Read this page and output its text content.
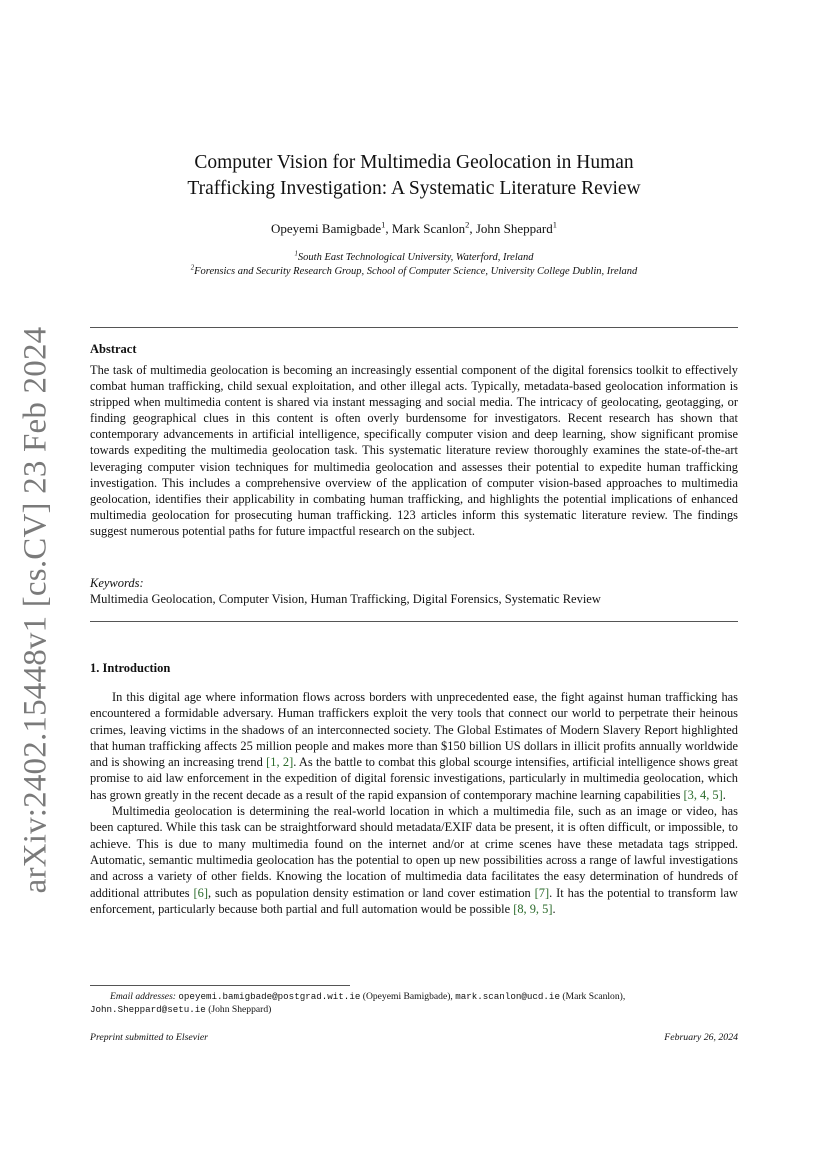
arXiv:2402.15448v1 [cs.CV] 23 Feb 2024
Computer Vision for Multimedia Geolocation in Human
Trafficking Investigation: A Systematic Literature Review
Opeyemi Bamigbade$^1$, Mark Scanlon$^2$, John Sheppard$^1$
$^1$South East Technological University, Waterford, Ireland
$^2$Forensics and Security Research Group, School of Computer Science, University College Dublin, Ireland
Abstract
The task of multimedia geolocation is becoming an increasingly essential component of the digital forensics toolkit to effectively combat human trafficking, child sexual exploitation, and other illegal acts. Typically, metadata-based geolocation information is stripped when multimedia content is shared via instant messaging and social media. The intricacy of geolocating, geotagging, or finding geographical clues in this content is often overly burdensome for investigators. Recent research has shown that contemporary advancements in artificial intelligence, specifically computer vision and deep learning, show significant promise towards expediting the multimedia geolocation task. This systematic literature review thoroughly examines the state-of-the-art leveraging computer vision techniques for multimedia geolocation and assesses their potential to expedite human trafficking investigation. This includes a comprehensive overview of the application of computer vision-based approaches to multimedia geolocation, identifies their applicability in combating human trafficking, and highlights the potential implications of enhanced multimedia geolocation for prosecuting human trafficking. 123 articles inform this systematic literature review. The findings suggest numerous potential paths for future impactful research on the subject.
Keywords:
Multimedia Geolocation, Computer Vision, Human Trafficking, Digital Forensics, Systematic Review
1. Introduction

In this digital age where information flows across borders with unprecedented ease, the fight against human trafficking has encountered a formidable adversary. Human traffickers exploit the very tools that connect our world to perpetrate their heinous crimes, leaving victims in the shadows of an interconnected society. The Global Estimates of Modern Slavery Report highlighted that human trafficking affects 25 million people and makes more than $150 billion US dollars in illicit profits annually worldwide and is showing an increasing trend [1, 2]. As the battle to combat this global scourge intensifies, artificial intelligence shows great promise to aid law enforcement in the expedition of digital forensic investigations, particularly in multimedia geolocation, which has grown greatly in the recent decade as a result of the rapid expansion of contemporary machine learning capabilities [3, 4, 5].

Multimedia geolocation is determining the real-world location in which a multimedia file, such as an image or video, has been captured. While this task can be straightforward should metadata/EXIF data be present, it is often difficult, or impossible, to achieve. This is due to many multimedia found on the internet and/or at crime scenes have these metadata tags stripped. Automatic, semantic multimedia geolocation has the potential to open up new possibilities across a range of lawful investigations and across a variety of other fields. Knowing the location of multimedia data facilitates the easy determination of hundreds of additional attributes [6], such as population density estimation or land cover estimation [7]. It has the potential to transform law enforcement, particularly because both partial and full automation would be possible [8, 9, 5].

Email addresses: opeyemi.bamigbade@postgrad.wit.ie (Opeyemi Bamigbade), mark.scanlon@ucd.ie (Mark Scanlon),
John.Sheppard@setu.ie (John Sheppard)
Preprint submitted to Elsevier	February 26, 2024
